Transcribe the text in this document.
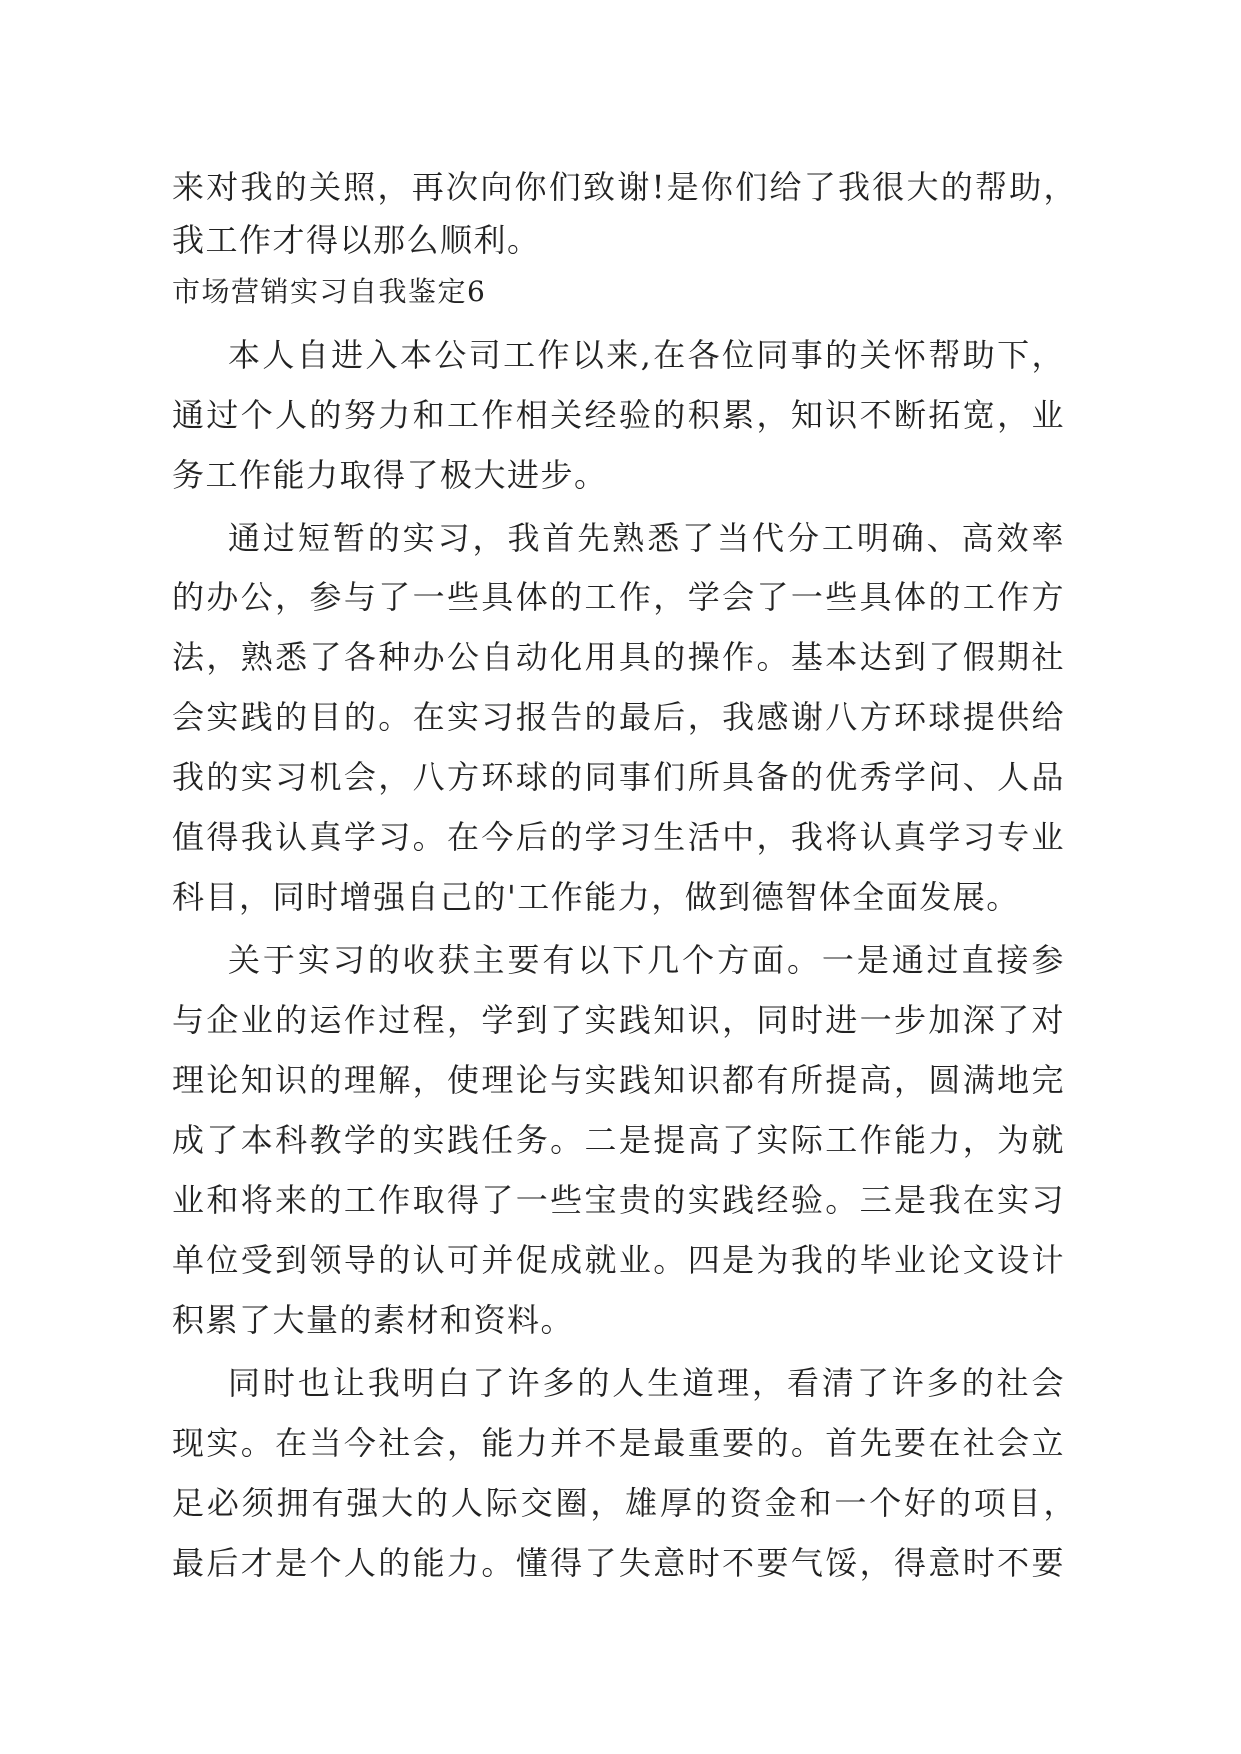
来对我的关照，再次向你们致谢!是你们给了我很大的帮助，
我工作才得以那么顺利。
市场营销实习自我鉴定6
本人自进入本公司工作以来,在各位同事的关怀帮助下，
通过个人的努力和工作相关经验的积累，知识不断拓宽，业
务工作能力取得了极大进步。
通过短暂的实习，我首先熟悉了当代分工明确、高效率
的办公，参与了一些具体的工作，学会了一些具体的工作方
法，熟悉了各种办公自动化用具的操作。基本达到了假期社
会实践的目的。在实习报告的最后，我感谢八方环球提供给
我的实习机会，八方环球的同事们所具备的优秀学问、人品
值得我认真学习。在今后的学习生活中，我将认真学习专业
科目，同时增强自己的'工作能力，做到德智体全面发展。
关于实习的收获主要有以下几个方面。一是通过直接参
与企业的运作过程，学到了实践知识，同时进一步加深了对
理论知识的理解，使理论与实践知识都有所提高，圆满地完
成了本科教学的实践任务。二是提高了实际工作能力，为就
业和将来的工作取得了一些宝贵的实践经验。三是我在实习
单位受到领导的认可并促成就业。四是为我的毕业论文设计
积累了大量的素材和资料。
同时也让我明白了许多的人生道理，看清了许多的社会
现实。在当今社会，能力并不是最重要的。首先要在社会立
足必须拥有强大的人际交圈，雄厚的资金和一个好的项目，
最后才是个人的能力。懂得了失意时不要气馁，得意时不要
